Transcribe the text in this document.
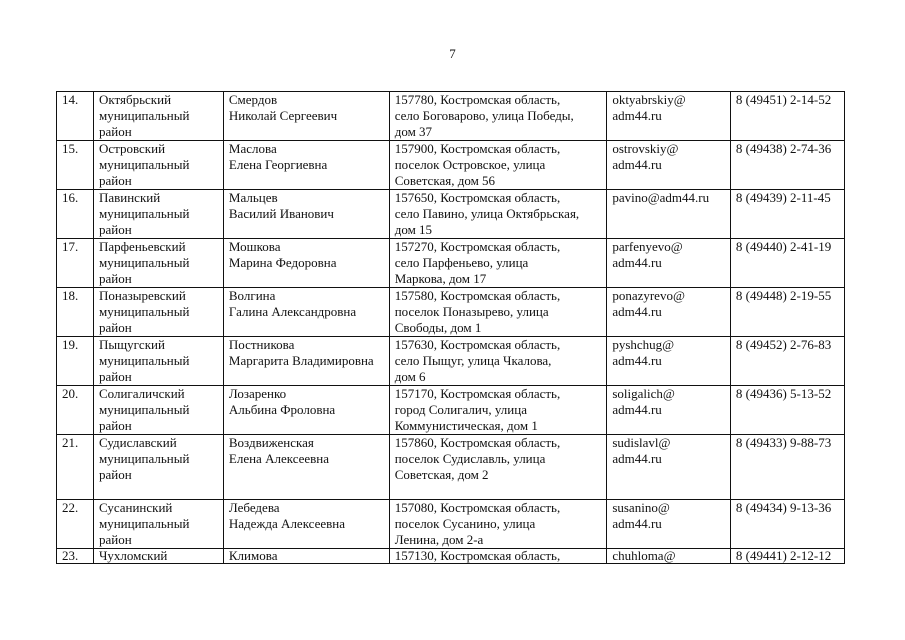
7
14.	Октябрьский
муниципальный
район	Смердов
Николай Сергеевич	157780, Костромская область,
село Боговарово, улица Победы,
дом 37	oktyabrskiy@
adm44.ru	8 (49451) 2-14-52
15.	Островский
муниципальный
район	Маслова
Елена Георгиевна	157900, Костромская область,
поселок Островское, улица
Советская, дом 56	ostrovskiy@
adm44.ru	8 (49438) 2-74-36
16.	Павинский
муниципальный
район	Мальцев
Василий Иванович	157650, Костромская область,
село Павино, улица Октябрьская,
дом 15	pavino@adm44.ru	8 (49439) 2-11-45
17.	Парфеньевский
муниципальный
район	Мошкова
Марина Федоровна	157270, Костромская область,
село Парфеньево, улица
Маркова, дом 17	parfenyevo@
adm44.ru	8 (49440) 2-41-19
18.	Поназыревский
муниципальный
район	Волгина
Галина Александровна	157580, Костромская область,
поселок Поназырево, улица
Свободы, дом 1	ponazyrevo@
adm44.ru	8 (49448) 2-19-55
19.	Пыщугский
муниципальный
район	Постникова
Маргарита Владимировна	157630, Костромская область,
село Пыщуг, улица Чкалова,
дом 6	pyshchug@
adm44.ru	8 (49452) 2-76-83
20.	Солигаличский
муниципальный
район	Лозаренко
Альбина Фроловна	157170, Костромская область,
город Солигалич, улица
Коммунистическая, дом 1	soligalich@
adm44.ru	8 (49436) 5-13-52
21.	Судиславский
муниципальный
район	Воздвиженская
Елена Алексеевна	157860, Костромская область,
поселок Судиславль, улица
Советская, дом 2	sudislavl@
adm44.ru	8 (49433) 9-88-73
22.	Сусанинский
муниципальный
район	Лебедева
Надежда Алексеевна	157080, Костромская область,
поселок Сусанино, улица
Ленина, дом 2-а	susanino@
adm44.ru	8 (49434) 9-13-36
23.	Чухломский	Климова	157130, Костромская область,	chuhloma@	8 (49441) 2-12-12
